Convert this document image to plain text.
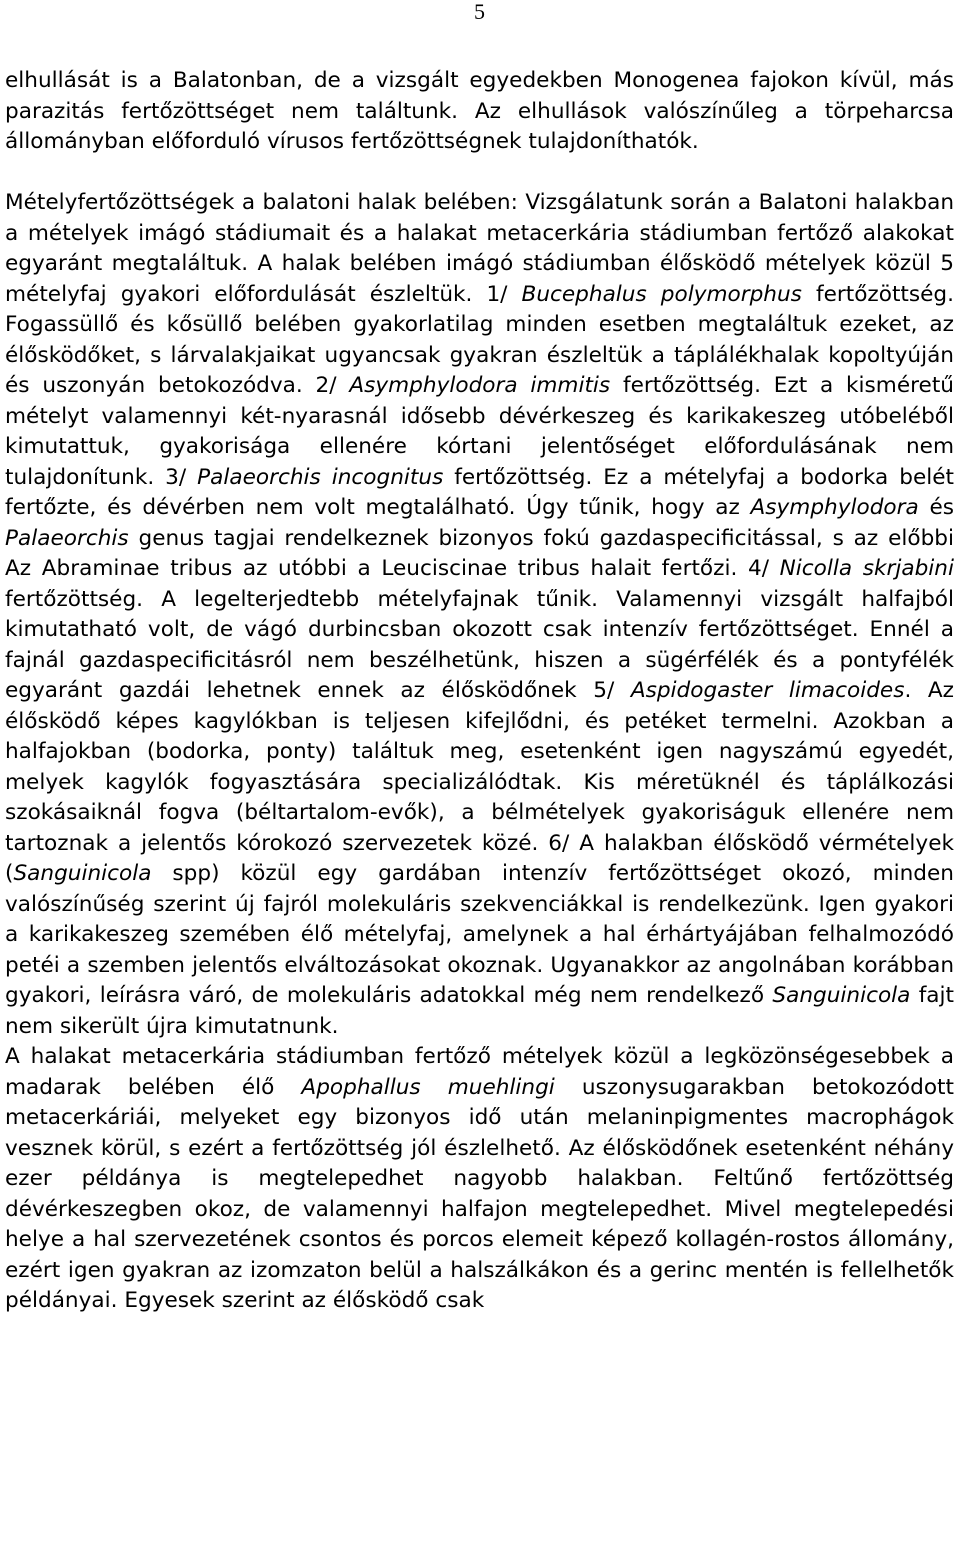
5

elhullását is a Balatonban, de a vizsgált egyedekben Monogenea fajokon kívül, más parazitás fertőzöttséget nem találtunk. Az elhullások valószínűleg a törpeharcsa állományban előforduló vírusos fertőzöttségnek tulajdoníthatók.

Mételyfertőzöttségek a balatoni halak belében: Vizsgálatunk során a Balatoni halakban a mételyek imágó stádiumait és a halakat metacerkária stádiumban fertőző alakokat egyaránt megtaláltuk. A halak belében imágó stádiumban élősködő mételyek közül 5 mételyfaj gyakori előfordulását észleltük. 1/ Bucephalus polymorphus fertőzöttség. Fogassüllő és kősüllő belében gyakorlatilag minden esetben megtaláltuk ezeket, az élősködőket, s lárvalakjaikat ugyancsak gyakran észleltük a táplálékhalak kopoltyúján és uszonyán betokozódva. 2/ Asymphylodora immitis fertőzöttség. Ezt a kisméretű mételyt valamennyi két-nyarasnál idősebb dévérkeszeg és karikakeszeg utóbeléből kimutattuk, gyakorisága ellenére kórtani jelentőséget előfordulásának nem tulajdonítunk. 3/ Palaeorchis incognitus fertőzöttség. Ez a mételyfaj a bodorka belét fertőzte, és dévérben nem volt megtalálható. Úgy tűnik, hogy az Asymphylodora és Palaeorchis genus tagjai rendelkeznek bizonyos fokú gazdaspecificitással, s az előbbi Az Abraminae tribus az utóbbi a Leuciscinae tribus halait fertőzi. 4/ Nicolla skrjabini fertőzöttség. A legelterjedtebb mételyfajnak tűnik. Valamennyi vizsgált halfajból kimutatható volt, de vágó durbincsban okozott csak intenzív fertőzöttséget. Ennél a fajnál gazdaspecificitásról nem beszélhetünk, hiszen a sügérfélék és a pontyfélék egyaránt gazdái lehetnek ennek az élősködőnek 5/ Aspidogaster limacoides. Az élősködő képes kagylókban is teljesen kifejlődni, és petéket termelni. Azokban a halfajokban (bodorka, ponty) találtuk meg, esetenként igen nagyszámú egyedét, melyek kagylók fogyasztására specializálódtak. Kis méretüknél és táplálkozási szokásaiknál fogva (béltartalom-evők), a bélmételyek gyakoriságuk ellenére nem tartoznak a jelentős kórokozó szervezetek közé. 6/ A halakban élősködő vérmételyek (Sanguinicola spp) közül egy gardában intenzív fertőzöttséget okozó, minden valószínűség szerint új fajról molekuláris szekvenciákkal is rendelkezünk. Igen gyakori a karikakeszeg szemében élő mételyfaj, amelynek a hal érhártyájában felhalmozódó petéi a szemben jelentős elváltozásokat okoznak. Ugyanakkor az angolnában korábban gyakori, leírásra váró, de molekuláris adatokkal még nem rendelkező Sanguinicola fajt nem sikerült újra kimutatnunk.

A halakat metacerkária stádiumban fertőző mételyek közül a legközönségesebbek a madarak belében élő Apophallus muehlingi uszonysugarakban betokozódott metacerkáriái, melyeket egy bizonyos idő után melaninpigmentes macrophágok vesznek körül, s ezért a fertőzöttség jól észlelhető. Az élősködőnek esetenként néhány ezer példánya is megtelepedhet nagyobb halakban. Feltűnő fertőzöttség dévérkeszegben okoz, de valamennyi halfajon megtelepedhet. Mivel megtelepedési helye a hal szervezetének csontos és porcos elemeit képező kollagén-rostos állomány, ezért igen gyakran az izomzaton belül a halszálkákon és a gerinc mentén is fellelhetők példányai. Egyesek szerint az élősködő csak
